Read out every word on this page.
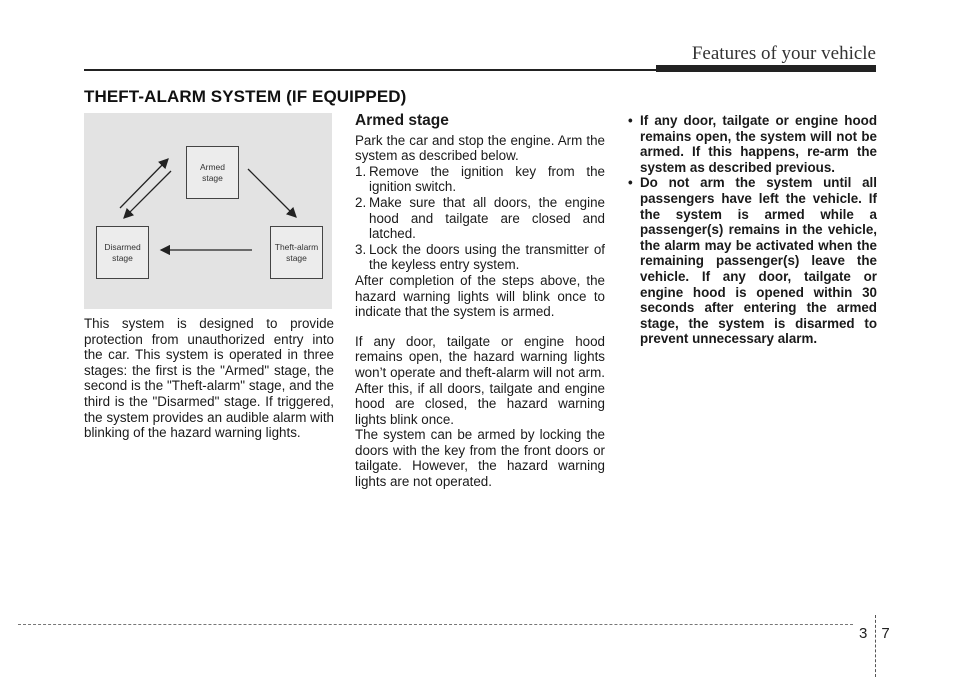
Features of your vehicle
THEFT-ALARM SYSTEM (IF EQUIPPED)
Armed
stage
Disarmed
stage
Theft-alarm
stage

This system is designed to provide protection from unauthorized entry into the car. This system is operated in three stages: the first is the "Armed" stage, the second is the "Theft-alarm" stage, and the third is the "Disarmed" stage. If triggered, the system provides an audible alarm with blinking of the hazard warning lights.

Armed stage

Park the car and stop the engine. Arm the system as described below.

1. Remove the ignition key from the ignition switch.
2. Make sure that all doors, the engine hood and tailgate are closed and latched.
3. Lock the doors using the transmitter of the keyless entry system.

After completion of the steps above, the hazard warning lights will blink once to indicate that the system is armed.

If any door, tailgate or engine hood remains open, the hazard warning lights won’t operate and theft-alarm will not arm. After this, if all doors, tailgate and engine hood are closed, the hazard warning lights blink once.

The system can be armed by locking the doors with the key from the front doors or tailgate. However, the hazard warning lights are not operated.

• If any door, tailgate or engine hood remains open, the system will not be armed. If this happens, re-arm the system as described previous.
• Do not arm the system until all passengers have left the vehicle. If the system is armed while a passenger(s) remains in the vehicle, the alarm may be activated when the remaining passenger(s) leave the vehicle. If any door, tailgate or engine hood is opened within 30 seconds after entering the armed stage, the system is disarmed to prevent unnecessary alarm.
3 7
